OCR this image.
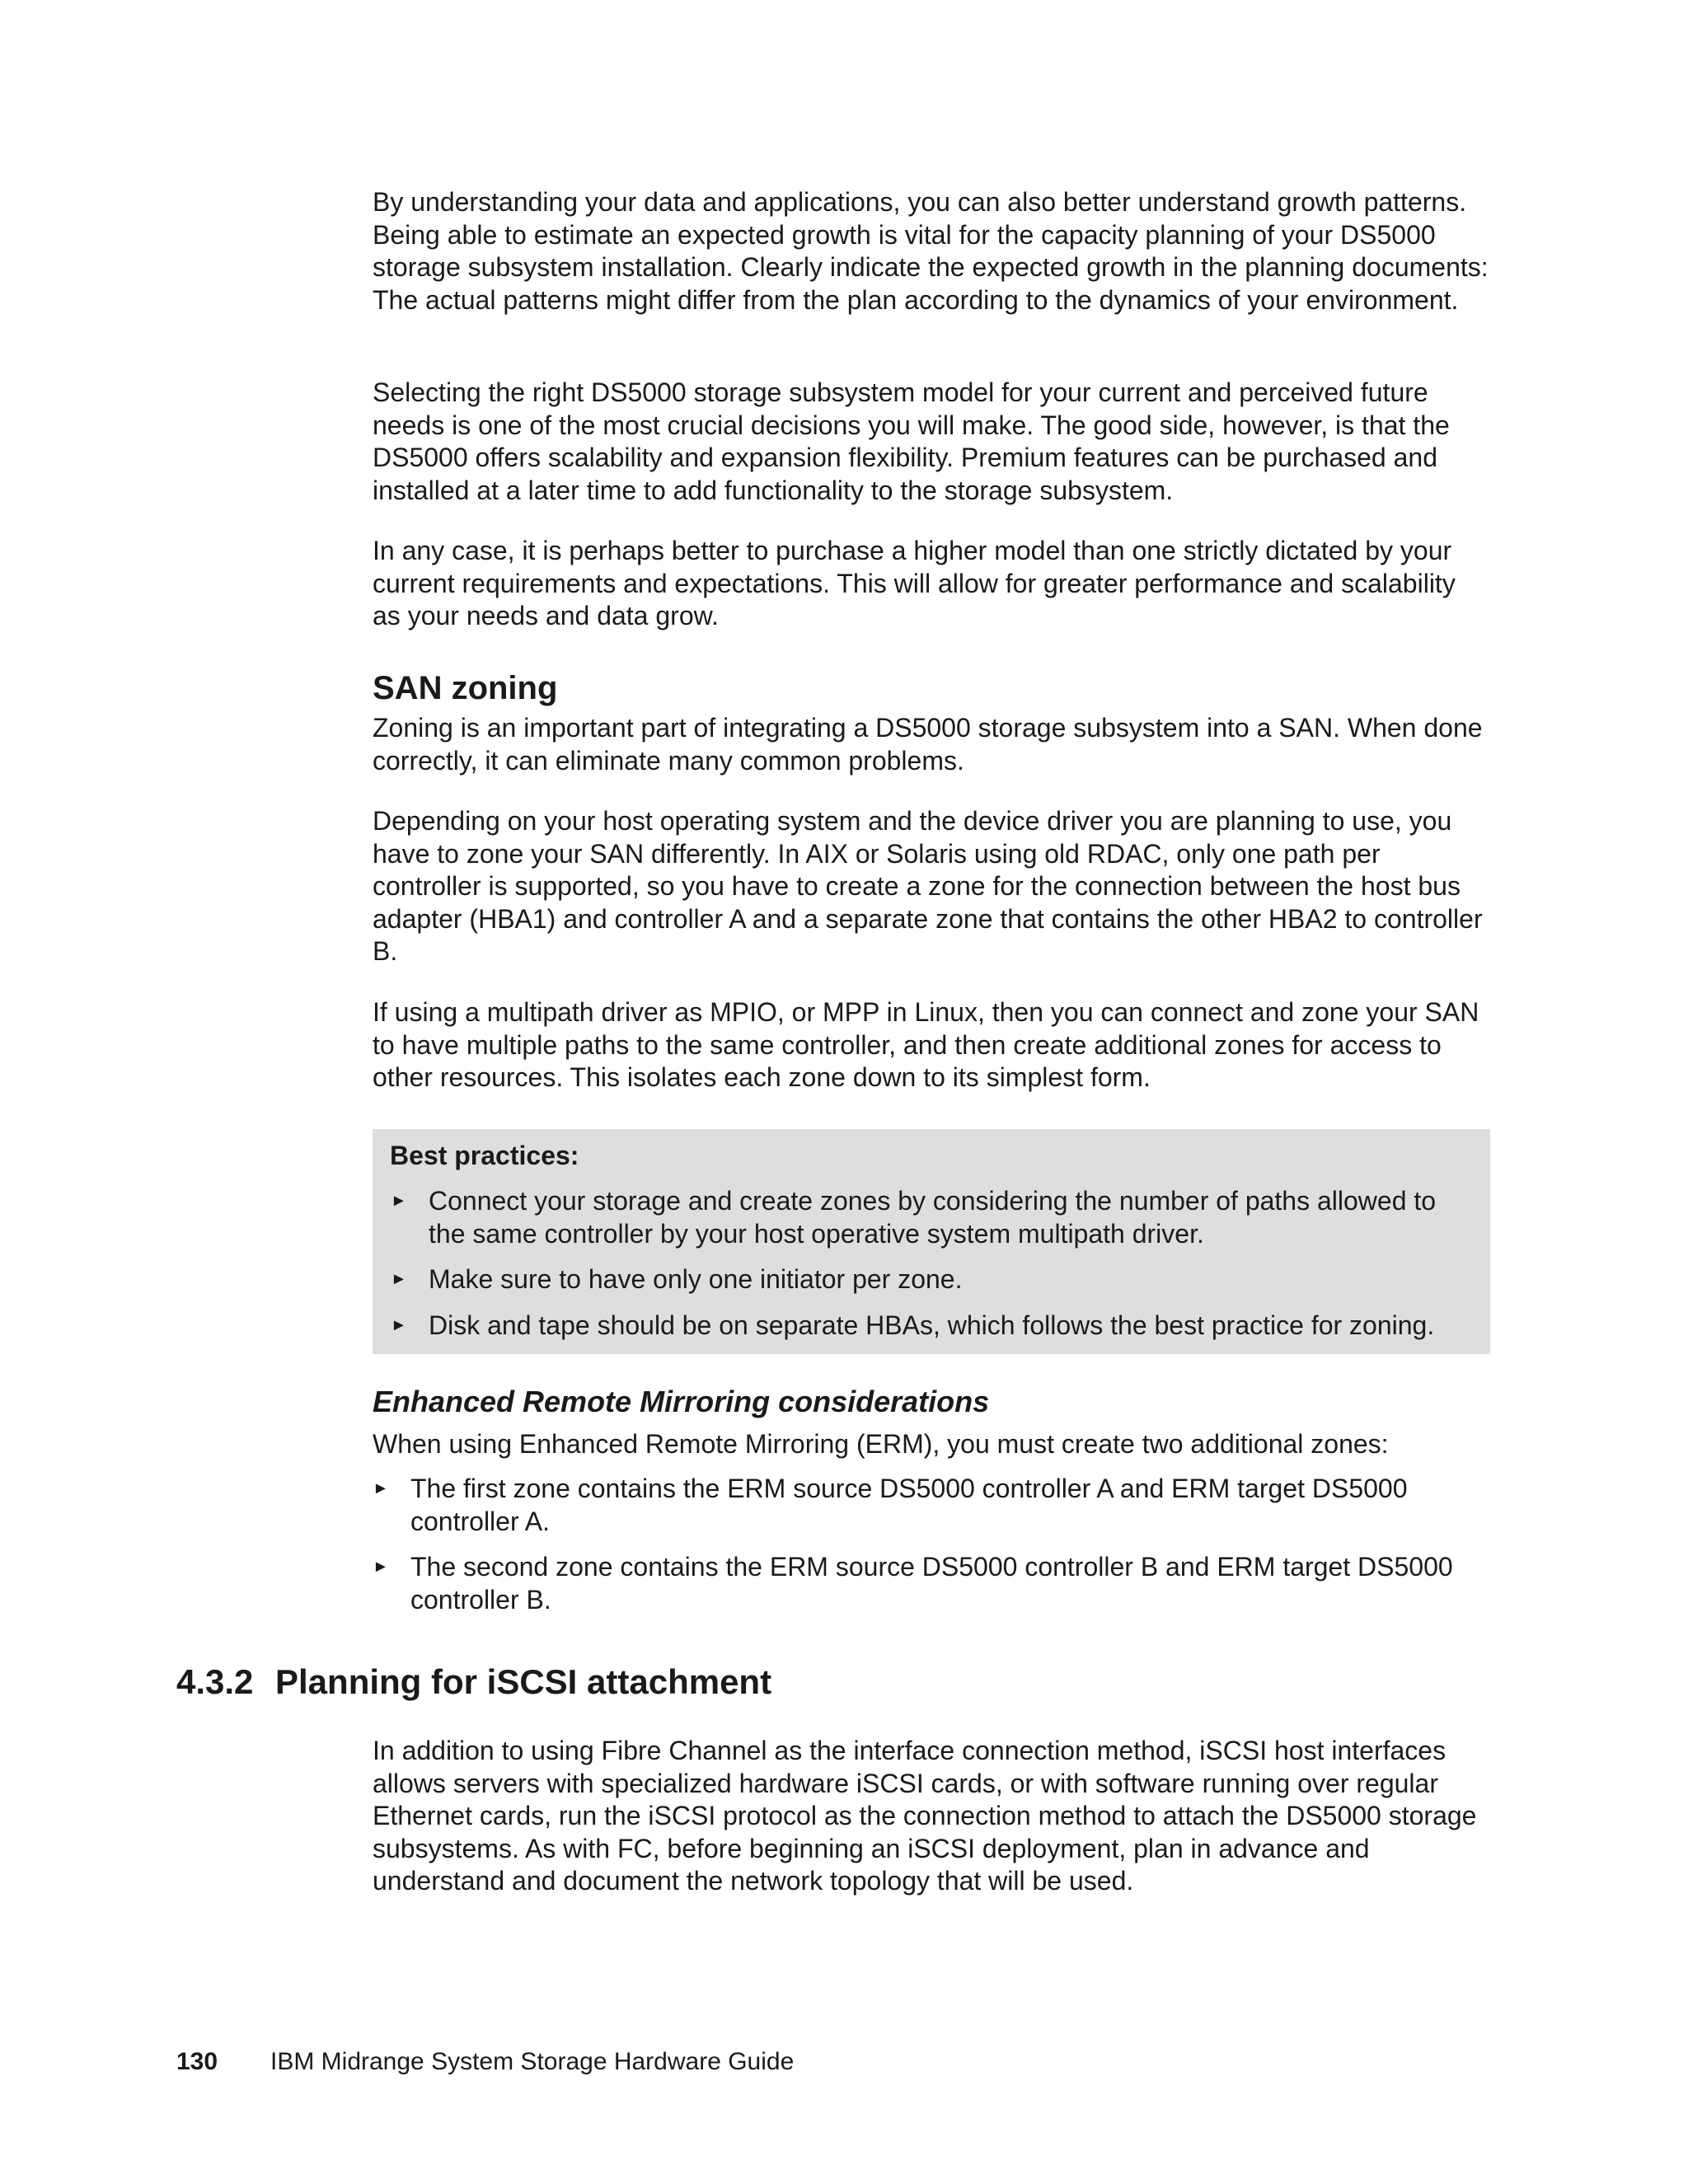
By understanding your data and applications, you can also better understand growth patterns. Being able to estimate an expected growth is vital for the capacity planning of your DS5000 storage subsystem installation. Clearly indicate the expected growth in the planning documents: The actual patterns might differ from the plan according to the dynamics of your environment.

Selecting the right DS5000 storage subsystem model for your current and perceived future needs is one of the most crucial decisions you will make. The good side, however, is that the DS5000 offers scalability and expansion flexibility. Premium features can be purchased and installed at a later time to add functionality to the storage subsystem.

In any case, it is perhaps better to purchase a higher model than one strictly dictated by your current requirements and expectations. This will allow for greater performance and scalability as your needs and data grow.

SAN zoning

Zoning is an important part of integrating a DS5000 storage subsystem into a SAN. When done correctly, it can eliminate many common problems.

Depending on your host operating system and the device driver you are planning to use, you have to zone your SAN differently. In AIX or Solaris using old RDAC, only one path per controller is supported, so you have to create a zone for the connection between the host bus adapter (HBA1) and controller A and a separate zone that contains the other HBA2 to controller B.

If using a multipath driver as MPIO, or MPP in Linux, then you can connect and zone your SAN to have multiple paths to the same controller, and then create additional zones for access to other resources. This isolates each zone down to its simplest form.

Best practices:
► Connect your storage and create zones by considering the number of paths allowed to the same controller by your host operative system multipath driver.
► Make sure to have only one initiator per zone.
► Disk and tape should be on separate HBAs, which follows the best practice for zoning.
Enhanced Remote Mirroring considerations

When using Enhanced Remote Mirroring (ERM), you must create two additional zones:

► The first zone contains the ERM source DS5000 controller A and ERM target DS5000 controller A.
► The second zone contains the ERM source DS5000 controller B and ERM target DS5000 controller B.
4.3.2 Planning for iSCSI attachment

In addition to using Fibre Channel as the interface connection method, iSCSI host interfaces allows servers with specialized hardware iSCSI cards, or with software running over regular Ethernet cards, run the iSCSI protocol as the connection method to attach the DS5000 storage subsystems. As with FC, before beginning an iSCSI deployment, plan in advance and understand and document the network topology that will be used.

130 IBM Midrange System Storage Hardware Guide
